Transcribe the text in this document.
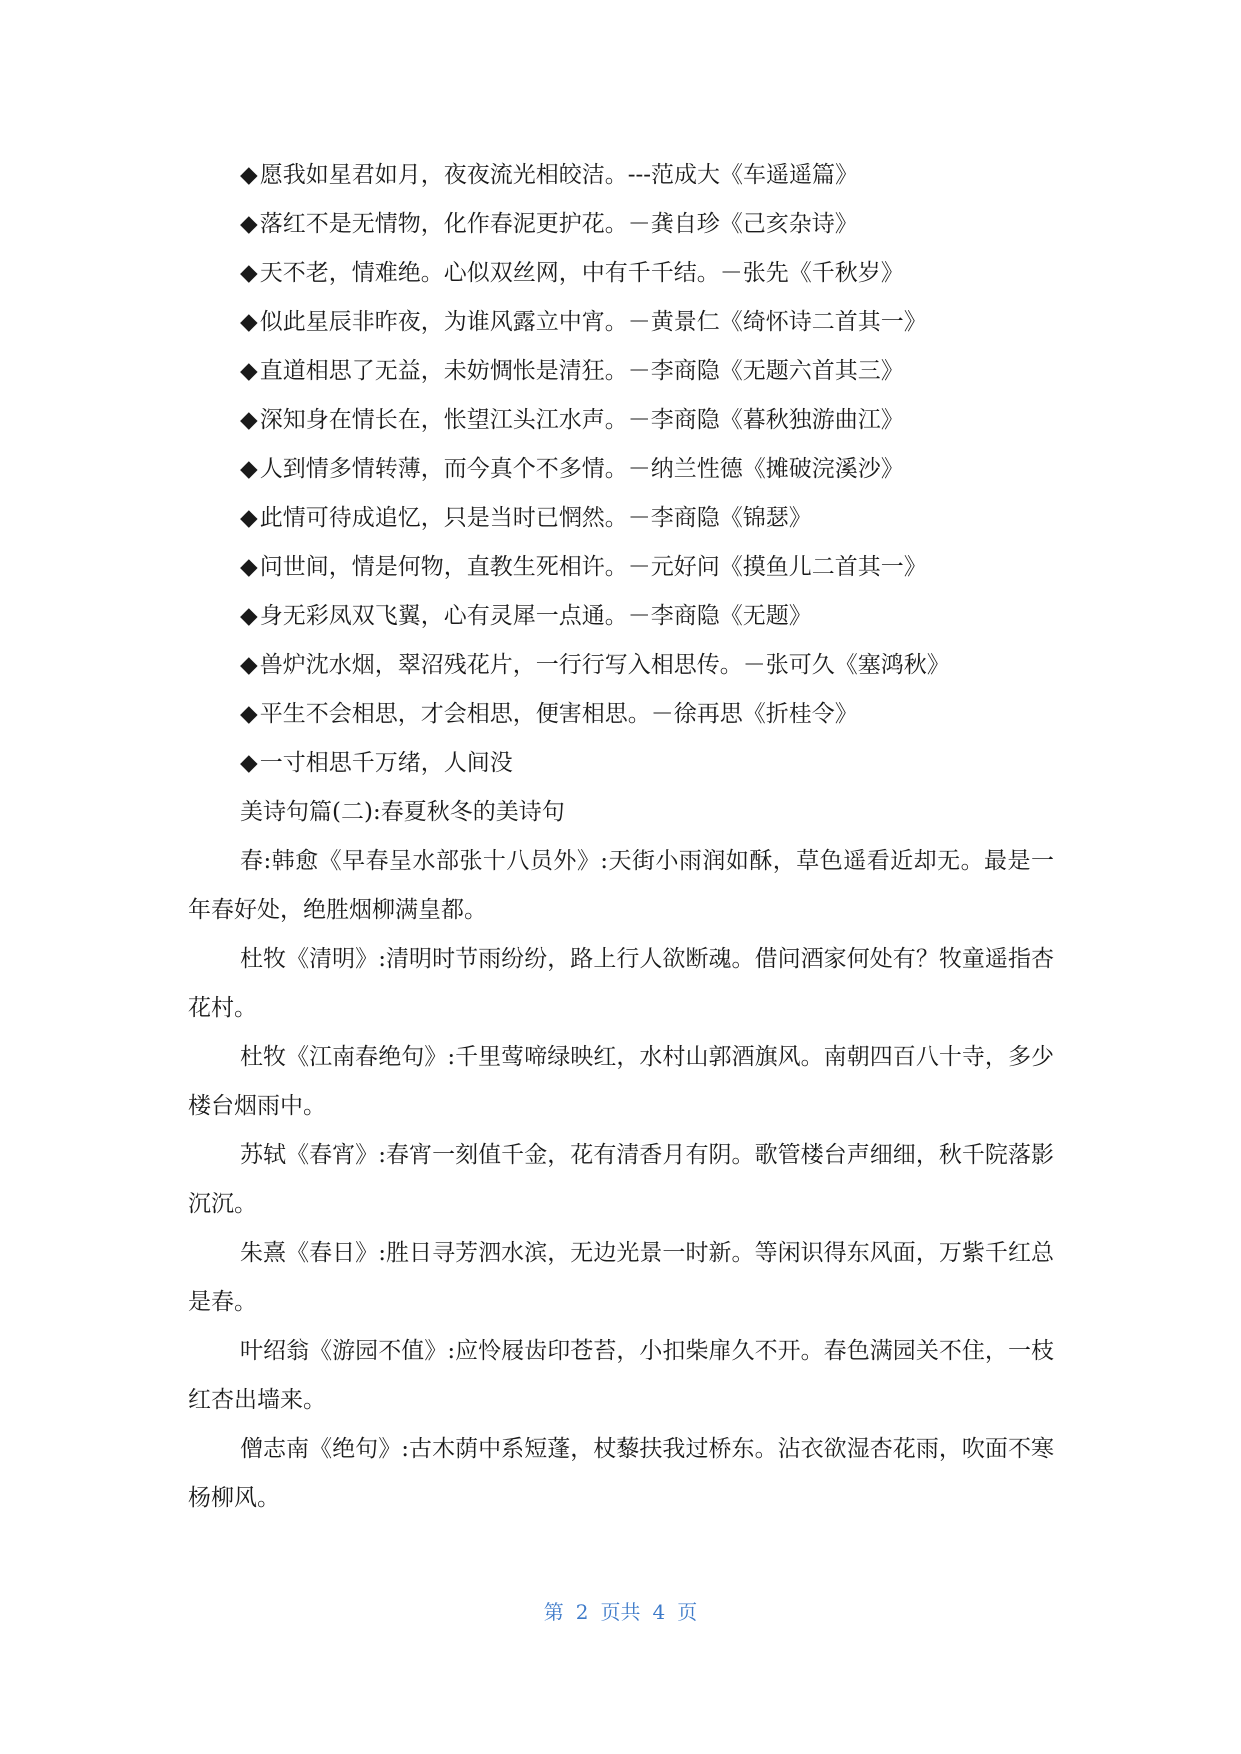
◆愿我如星君如月，夜夜流光相皎洁。---范成大《车遥遥篇》
◆落红不是无情物，化作春泥更护花。－龚自珍《己亥杂诗》
◆天不老，情难绝。心似双丝网，中有千千结。－张先《千秋岁》
◆似此星辰非昨夜，为谁风露立中宵。－黄景仁《绮怀诗二首其一》
◆直道相思了无益，未妨惆怅是清狂。－李商隐《无题六首其三》
◆深知身在情长在，怅望江头江水声。－李商隐《暮秋独游曲江》
◆人到情多情转薄，而今真个不多情。－纳兰性德《摊破浣溪沙》
◆此情可待成追忆，只是当时已惘然。－李商隐《锦瑟》
◆问世间，情是何物，直教生死相许。－元好问《摸鱼儿二首其一》
◆身无彩凤双飞翼，心有灵犀一点通。－李商隐《无题》
◆兽炉沈水烟，翠沼残花片，一行行写入相思传。－张可久《塞鸿秋》
◆平生不会相思，才会相思，便害相思。－徐再思《折桂令》
◆一寸相思千万绪，人间没
美诗句篇(二):春夏秋冬的美诗句

春:韩愈《早春呈水部张十八员外》:天街小雨润如酥，草色遥看近却无。最是一年春好处，绝胜烟柳满皇都。

杜牧《清明》:清明时节雨纷纷，路上行人欲断魂。借问酒家何处有？牧童遥指杏花村。

杜牧《江南春绝句》:千里莺啼绿映红，水村山郭酒旗风。南朝四百八十寺，多少楼台烟雨中。

苏轼《春宵》:春宵一刻值千金，花有清香月有阴。歌管楼台声细细，秋千院落影沉沉。

朱熹《春日》:胜日寻芳泗水滨，无边光景一时新。等闲识得东风面，万紫千红总是春。

叶绍翁《游园不值》:应怜屐齿印苍苔，小扣柴扉久不开。春色满园关不住，一枝红杏出墙来。

僧志南《绝句》:古木荫中系短蓬，杖藜扶我过桥东。沾衣欲湿杏花雨，吹面不寒杨柳风。

第 2 页共 4 页
